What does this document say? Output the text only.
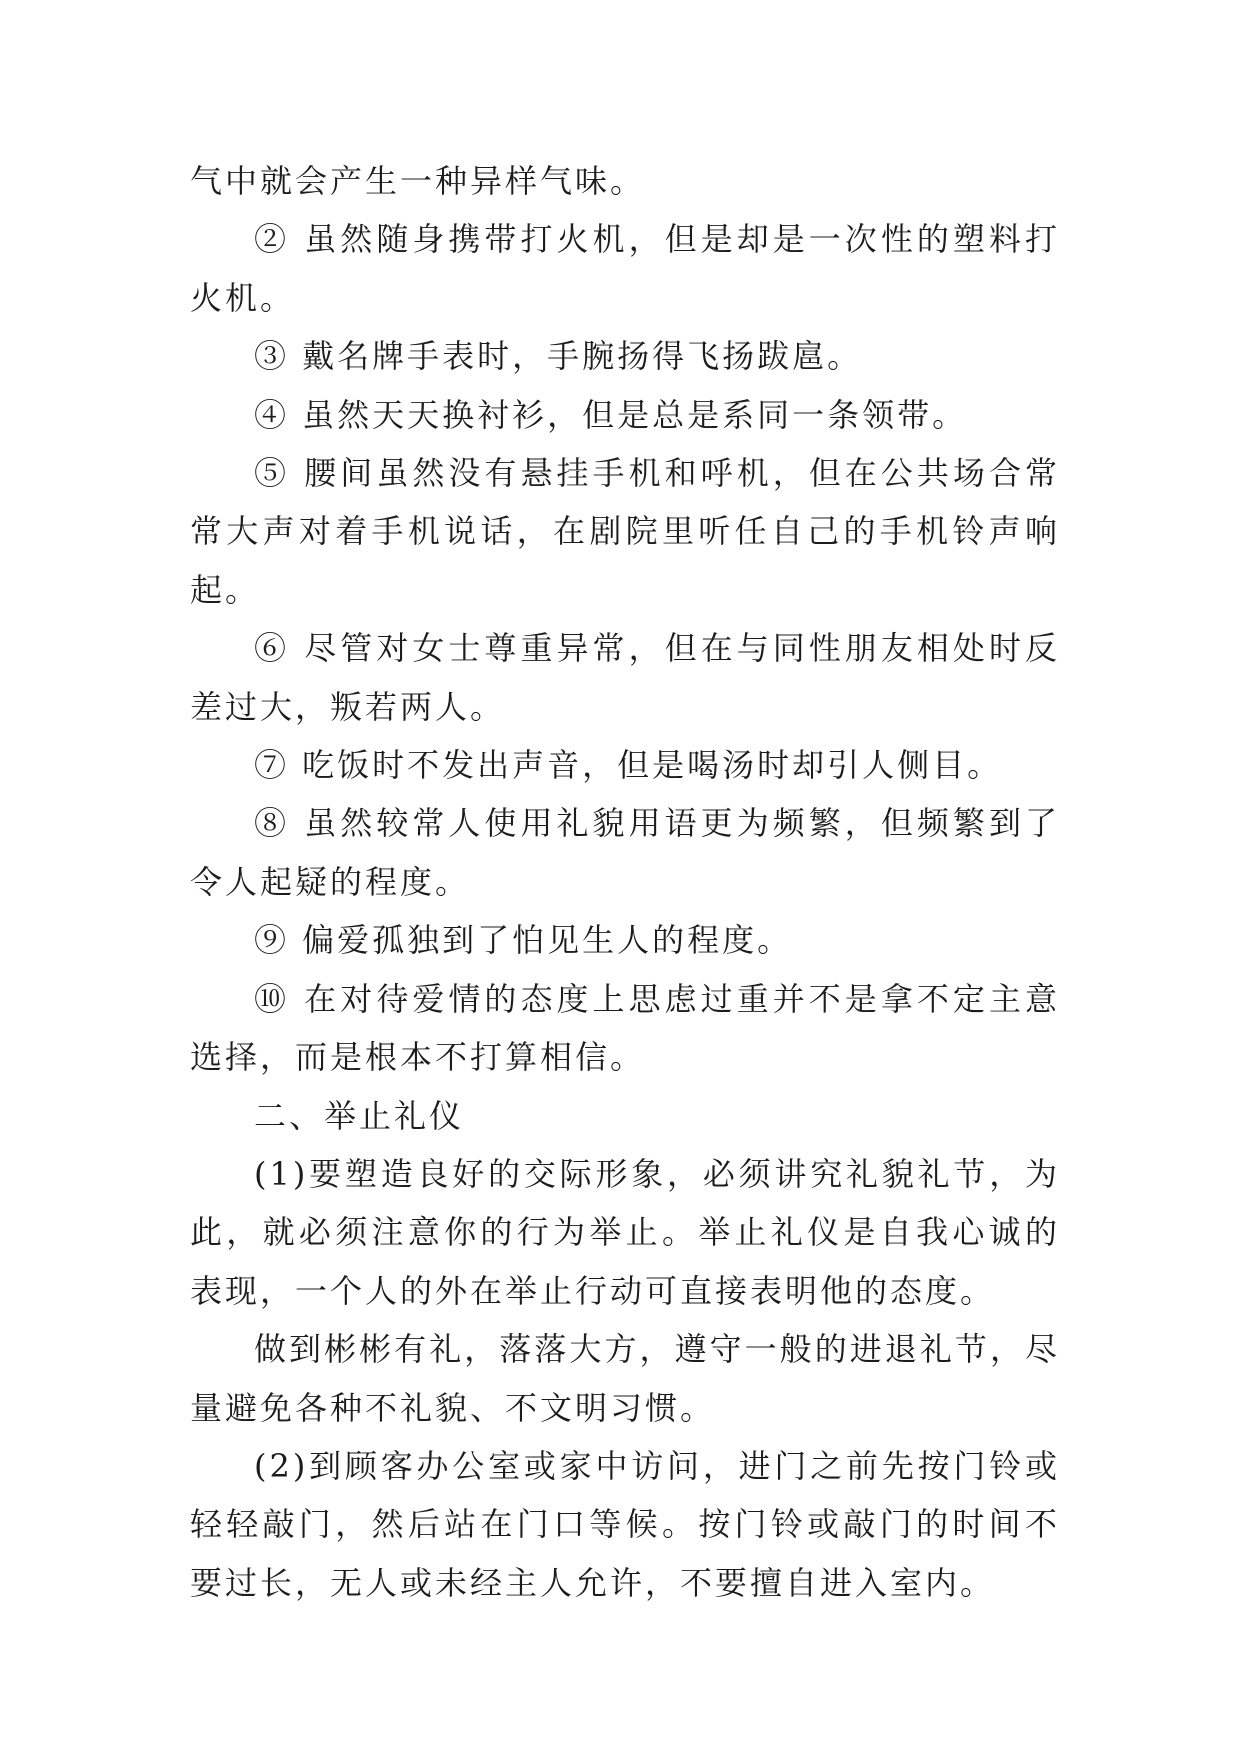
气中就会产生一种异样气味。

② 虽然随身携带打火机，但是却是一次性的塑料打火机。

③ 戴名牌手表时，手腕扬得飞扬跋扈。

④ 虽然天天换衬衫，但是总是系同一条领带。

⑤ 腰间虽然没有悬挂手机和呼机，但在公共场合常常大声对着手机说话，在剧院里听任自己的手机铃声响起。

⑥ 尽管对女士尊重异常，但在与同性朋友相处时反差过大，叛若两人。

⑦ 吃饭时不发出声音，但是喝汤时却引人侧目。

⑧ 虽然较常人使用礼貌用语更为频繁，但频繁到了令人起疑的程度。

⑨ 偏爱孤独到了怕见生人的程度。

⑩ 在对待爱情的态度上思虑过重并不是拿不定主意选择，而是根本不打算相信。

二、举止礼仪

(1)要塑造良好的交际形象，必须讲究礼貌礼节，为此，就必须注意你的行为举止。举止礼仪是自我心诚的表现，一个人的外在举止行动可直接表明他的态度。

做到彬彬有礼，落落大方，遵守一般的进退礼节，尽量避免各种不礼貌、不文明习惯。

(2)到顾客办公室或家中访问，进门之前先按门铃或轻轻敲门，然后站在门口等候。按门铃或敲门的时间不要过长，无人或未经主人允许，不要擅自进入室内。
